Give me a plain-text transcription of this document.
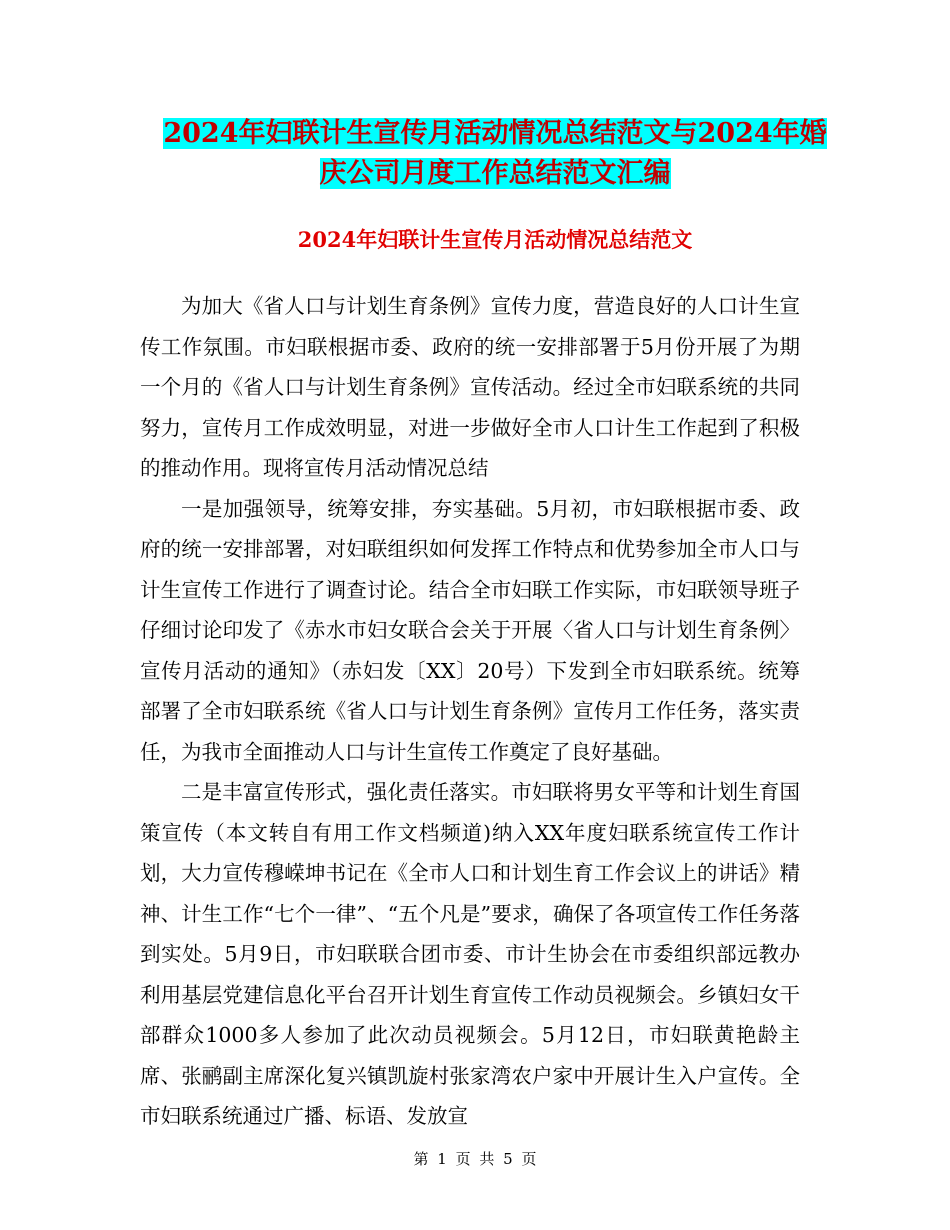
2024年妇联计生宣传月活动情况总结范文与2024年婚
庆公司月度工作总结范文汇编
2024年妇联计生宣传月活动情况总结范文

为加大《省人口与计划生育条例》宣传力度，营造良好的人口计生宣传工作氛围。市妇联根据市委、政府的统一安排部署于5月份开展了为期一个月的《省人口与计划生育条例》宣传活动。经过全市妇联系统的共同努力，宣传月工作成效明显，对进一步做好全市人口计生工作起到了积极的推动作用。现将宣传月活动情况总结

一是加强领导，统筹安排，夯实基础。5月初，市妇联根据市委、政府的统一安排部署，对妇联组织如何发挥工作特点和优势参加全市人口与计生宣传工作进行了调查讨论。结合全市妇联工作实际，市妇联领导班子仔细讨论印发了《赤水市妇女联合会关于开展〈省人口与计划生育条例〉宣传月活动的通知》（赤妇发〔XX〕20号）下发到全市妇联系统。统筹部署了全市妇联系统《省人口与计划生育条例》宣传月工作任务，落实责任，为我市全面推动人口与计生宣传工作奠定了良好基础。

二是丰富宣传形式，强化责任落实。市妇联将男女平等和计划生育国策宣传（本文转自有用工作文档频道)纳入XX年度妇联系统宣传工作计划，大力宣传穆嵘坤书记在《全市人口和计划生育工作会议上的讲话》精神、计生工作“七个一律”、“五个凡是”要求，确保了各项宣传工作任务落到实处。5月9日，市妇联联合团市委、市计生协会在市委组织部远教办利用基层党建信息化平台召开计划生育宣传工作动员视频会。乡镇妇女干部群众1000多人参加了此次动员视频会。5月12日，市妇联黄艳龄主席、张鹂副主席深化复兴镇凯旋村张家湾农户家中开展计生入户宣传。全市妇联系统通过广播、标语、发放宣

第 1 页 共 5 页
